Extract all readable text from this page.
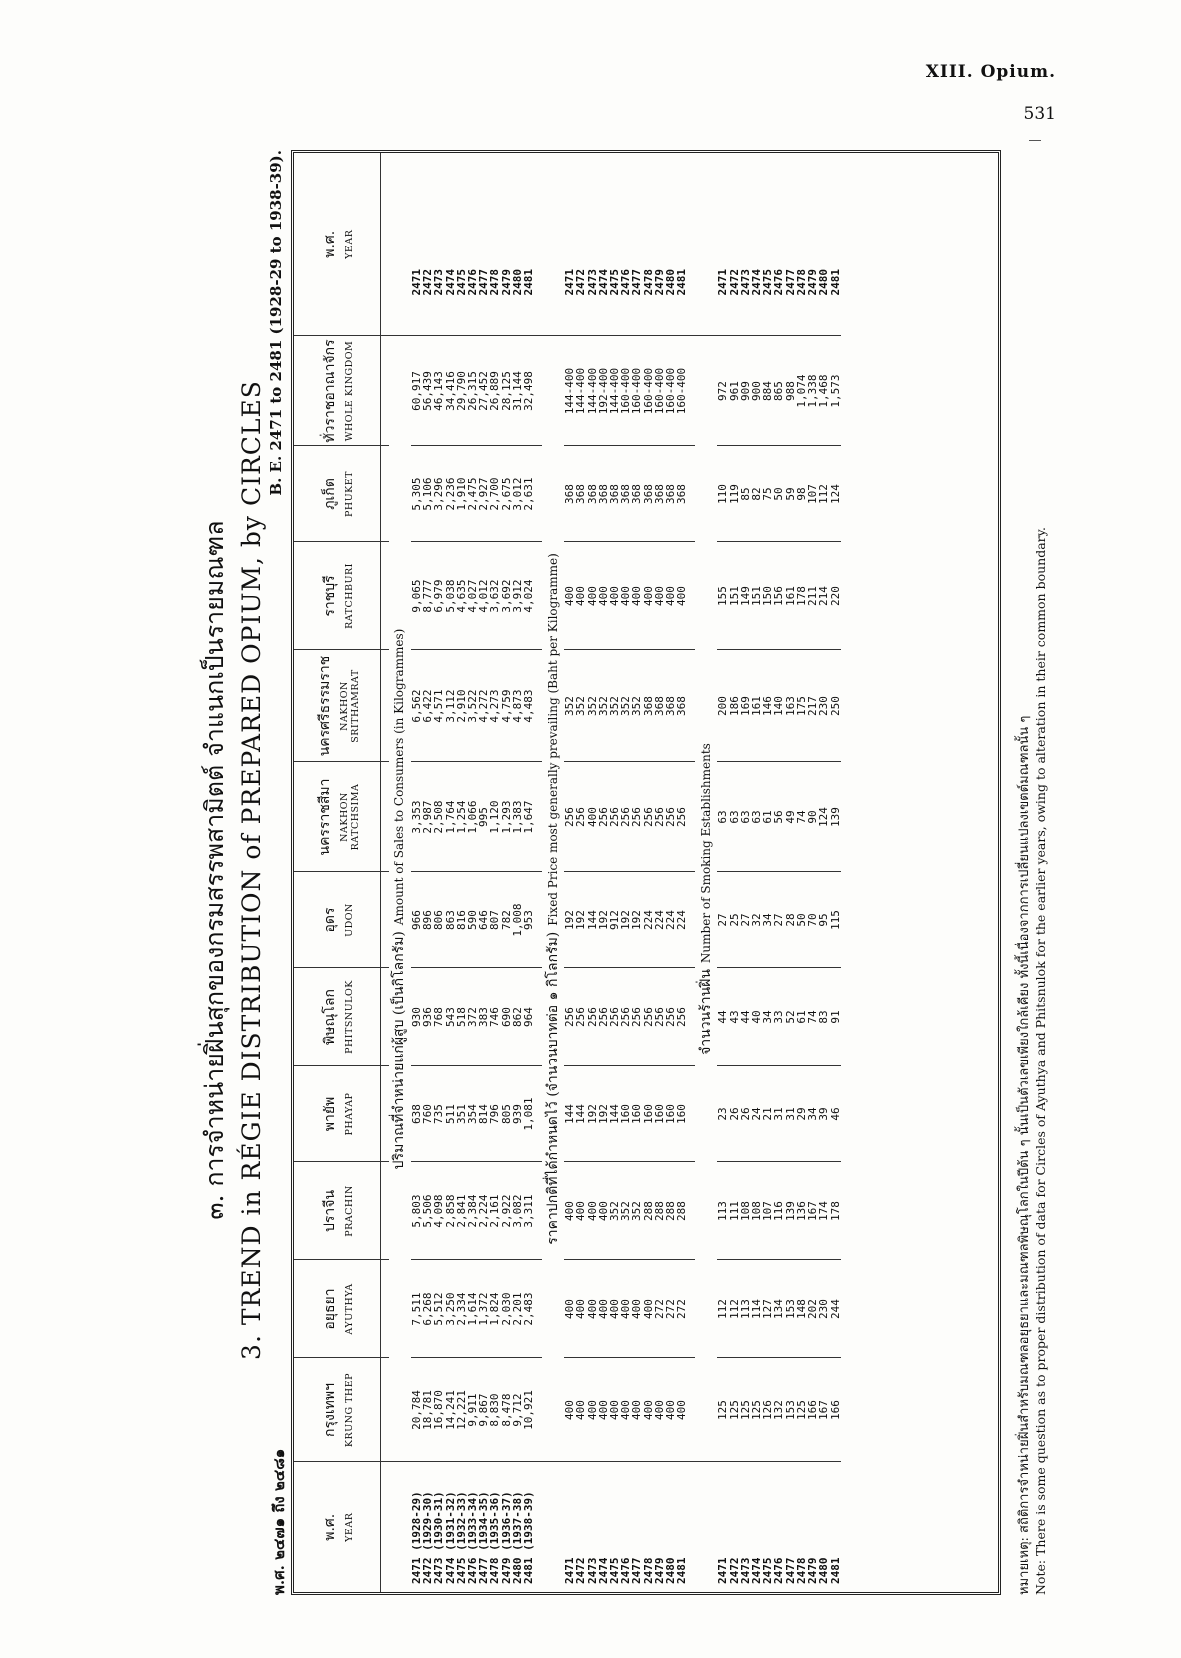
XIII. Opium.
531
๓. การจำหน่ายฝิ่นสุกของกรมสรรพสามิตต์ จำแนกเป็นรายมณฑล 3. TREND in RÉGIE DISTRIBUTION of PREPARED OPIUM, by CIRCLES
พ.ศ. ๒๔๗๑ ถึง ๒๔๘๑
B. E. 2471 to 2481 (1928-29 to 1938-39).
พ.ศ. YEAR	กรุงเทพฯ KRUNG THEP	อยุธยา AYUTHYA	ปราจีน PRACHIN	พายัพ PHAYAP	พิษณุโลก PHITSNULOK	อุดร UDON	นครราชสีมา NAKHON RATCHSIMA	นครศรีธรรมราช NAKHON SRITHAMRAT	ราชบุรี RATCHBURI	ภูเก็ต PHUKET	ทั่วราชอาณาจักร WHOLE KINGDOM	พ.ศ. YEAR

	ปริมาณที่จำหน่ายแก่ผู้สูบ (เป็นกิโลกรัม)Amount of Sales to Consumers (in Kilogrammes)											
2471 (1928-29)	20,784	7,511	5,803	638	930	966	3,353	6,562	9,065	5,305	60,917	2471
2472 (1929-30)	18,781	6,268	5,506	760	936	896	2,987	6,422	8,777	5,106	56,439	2472
2473 (1930-31)	16,870	5,512	4,098	735	768	806	2,508	4,571	6,979	3,296	46,143	2473
2474 (1931-32)	14,241	3,250	2,858	511	543	863	1,764	3,112	5,038	2,236	34,416	2474
2475 (1932-33)	12,221	2,334	2,841	351	518	816	1,254	2,910	4,635	1,910	29,790	2475
2476 (1933-34)	9,911	1,614	2,384	354	372	590	1,066	3,522	4,027	2,475	26,315	2476
2477 (1934-35)	9,867	1,372	2,224	814	383	646	995	4,272	4,012	2,927	27,452	2477
2478 (1935-36)	8,830	1,824	2,161	796	746	807	1,120	4,273	3,632	2,700	26,889	2478
2479 (1936-37)	8,478	2,030	2,922	805	690	782	1,293	4,759	3,692	2,675	28,125	2479
2480 (1937-38)	9,712	2,201	3,082	939	862	1,008	1,383	4,873	3,912	3,012	31,144	2480
2481 (1938-39)	10,921	2,483	3,311	1,081	964	953	1,647	4,483	4,024	2,631	32,498	2481

	ราคาปกติที่ได้กำหนดไว้ (จำนวนบาทต่อ ๑ กิโลกรัม)Fixed Price most generally prevailing (Baht per Kilogramme)											
2471	400	400	400	144	256	192	256	352	400	368	144-400	2471
2472	400	400	400	144	256	192	256	352	400	368	144-400	2472
2473	400	400	400	192	256	144	400	352	400	368	144-400	2473
2474	400	400	400	192	256	192	256	352	400	368	192-400	2474
2475	400	400	352	144	256	912	256	352	400	368	144-400	2475
2476	400	400	352	160	256	192	256	352	400	368	160-400	2476
2477	400	400	352	160	256	192	256	352	400	368	160-400	2477
2478	400	400	288	160	256	224	256	368	400	368	160-400	2478
2479	400	272	288	160	256	224	256	368	400	368	160-400	2479
2480	400	272	288	160	256	224	256	368	400	368	160-400	2480
2481	400	272	288	160	256	224	256	368	400	368	160-400	2481

	จำนวนร้านฝิ่นNumber of Smoking Establishments											
2471	125	112	113	23	44	27	63	200	155	110	972	2471
2472	125	112	111	26	43	25	63	186	151	119	961	2472
2473	125	113	108	26	44	27	63	169	149	85	909	2473
2474	125	114	108	24	40	32	63	161	151	82	900	2474
2475	126	127	107	21	34	34	61	146	150	75	884	2475
2476	132	134	116	31	33	27	56	140	156	50	865	2476
2477	153	153	139	31	52	28	49	163	161	59	988	2477
2478	125	148	136	29	61	50	74	175	178	98	1,074	2478
2479	166	202	167	34	74	70	90	217	211	107	1,338	2479
2480	167	230	174	39	83	95	124	230	214	112	1,468	2480
2481	166	244	178	46	91	115	139	250	220	124	1,573	2481
หมายเหตุ: สถิติการจำหน่ายฝิ่นสำหรับมณฑลอยุธยาและมณฑลพิษณุโลกในปีต้น ๆ นั้นเป็นตัวเลขเพียงใกล้เคียง ทั้งนี้เนื่องจากการเปลี่ยนแปลงเขตต์มณฑลนั้น ๆ Note: There is some question as to proper distribution of data for Circles of Ayuthya and Phitsnulok for the earlier years, owing to alteration in their common boundary.
